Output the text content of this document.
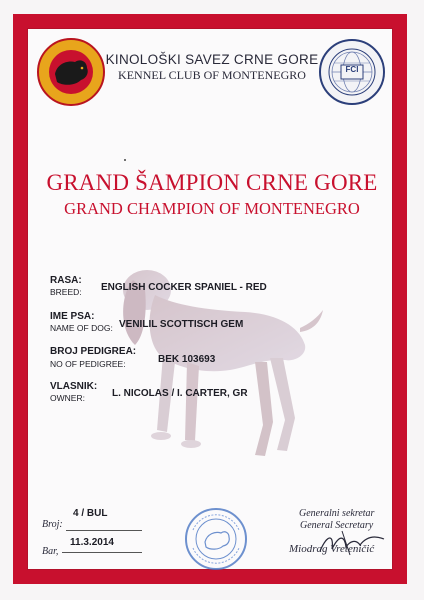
FCI
KINOLOŠKI SAVEZ CRNE GORE
KENNEL CLUB OF MONTENEGRO
GRAND ŠAMPION CRNE GORE
GRAND CHAMPION OF MONTENEGRO
RASA:
BREED: ENGLISH COCKER SPANIEL - RED
IME PSA:
NAME OF DOG: VENILIL SCOTTISCH GEM
BROJ PEDIGREA:
NO OF PEDIGREE:	BEK 103693
VLASNIK:
OWNER:	L. NICOLAS / I. CARTER, GR
4 / BUL
Broj:
11.3.2014
Bar,
Generalni sekretar
General Secretary
Miodrag Vreteničić
